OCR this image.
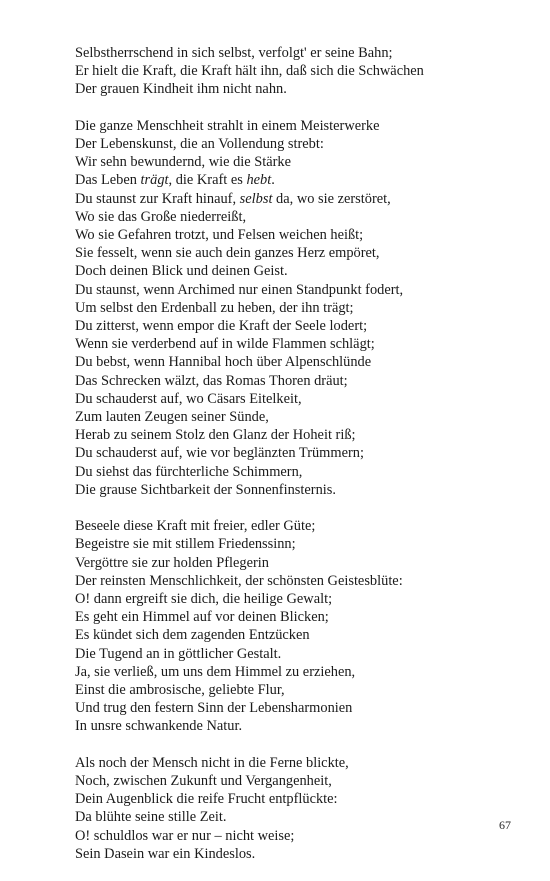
Selbstherrschend in sich selbst, verfolgt' er seine Bahn;
Er hielt die Kraft, die Kraft hält ihn, daß sich die Schwächen
Der grauen Kindheit ihm nicht nahn.
Die ganze Menschheit strahlt in einem Meisterwerke
Der Lebenskunst, die an Vollendung strebt:
Wir sehn bewundernd, wie die Stärke
Das Leben trägt, die Kraft es hebt.
Du staunst zur Kraft hinauf, selbst da, wo sie zerstöret,
Wo sie das Große niederreißt,
Wo sie Gefahren trotzt, und Felsen weichen heißt;
Sie fesselt, wenn sie auch dein ganzes Herz empöret,
Doch deinen Blick und deinen Geist.
Du staunst, wenn Archimed nur einen Standpunkt fodert,
Um selbst den Erdenball zu heben, der ihn trägt;
Du zitterst, wenn empor die Kraft der Seele lodert;
Wenn sie verderbend auf in wilde Flammen schlägt;
Du bebst, wenn Hannibal hoch über Alpenschlünde
Das Schrecken wälzt, das Romas Thoren dräut;
Du schauderst auf, wo Cäsars Eitelkeit,
Zum lauten Zeugen seiner Sünde,
Herab zu seinem Stolz den Glanz der Hoheit riß;
Du schauderst auf, wie vor beglänzten Trümmern;
Du siehst das fürchterliche Schimmern,
Die grause Sichtbarkeit der Sonnenfinsternis.
Beseele diese Kraft mit freier, edler Güte;
Begeistre sie mit stillem Friedenssinn;
Vergöttre sie zur holden Pflegerin
Der reinsten Menschlichkeit, der schönsten Geistesblüte:
O! dann ergreift sie dich, die heilige Gewalt;
Es geht ein Himmel auf vor deinen Blicken;
Es kündet sich dem zagenden Entzücken
Die Tugend an in göttlicher Gestalt.
Ja, sie verließ, um uns dem Himmel zu erziehen,
Einst die ambrosische, geliebte Flur,
Und trug den festern Sinn der Lebensharmonien
In unsre schwankende Natur.
Als noch der Mensch nicht in die Ferne blickte,
Noch, zwischen Zukunft und Vergangenheit,
Dein Augenblick die reife Frucht entpflückte:
Da blühte seine stille Zeit.
O! schuldlos war er nur – nicht weise;
Sein Dasein war ein Kindeslos.
67
